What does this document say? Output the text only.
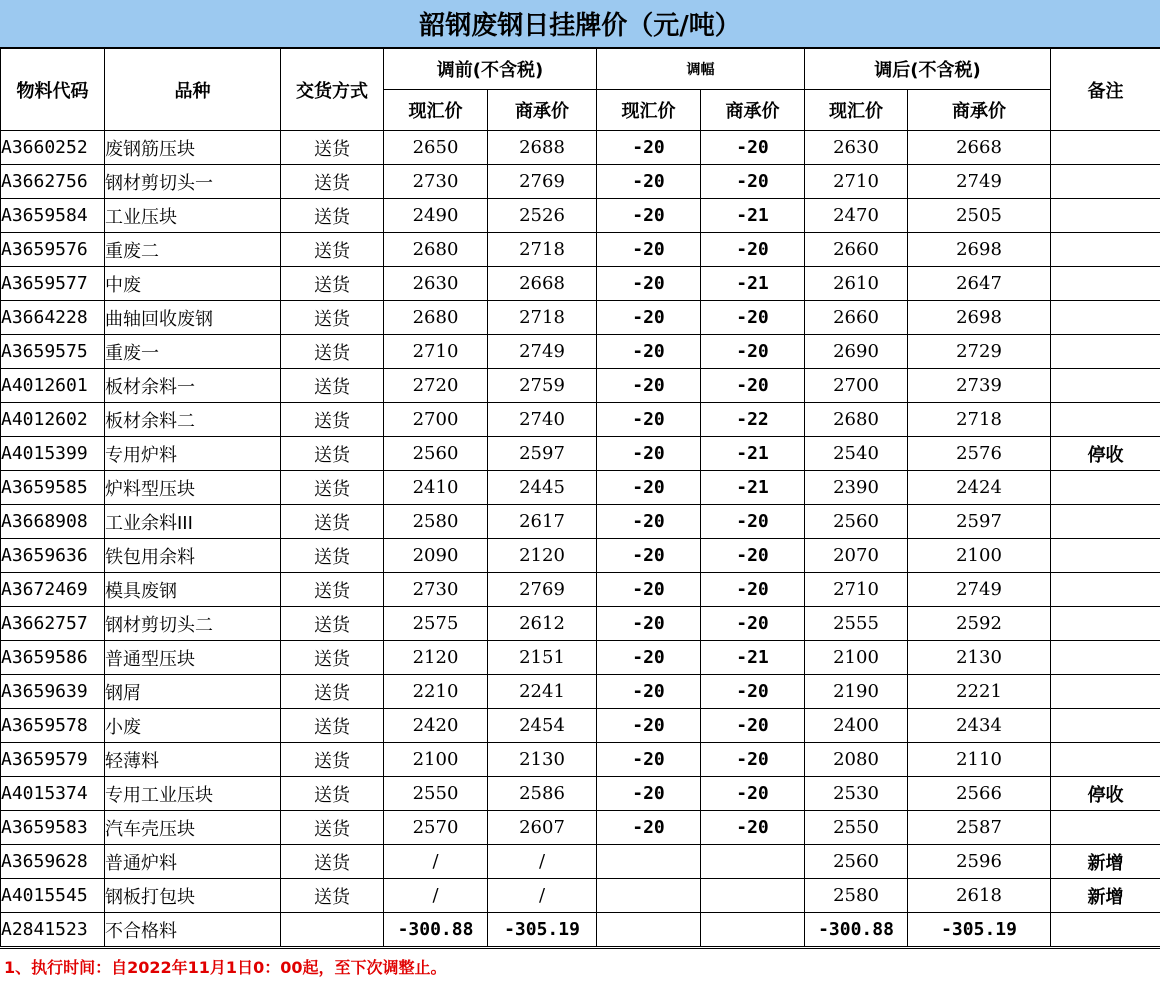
韶钢废钢日挂牌价（元/吨）
物料代码	品种	交货方式	调前(不含税)		调幅		调后(不含税)		备注
			现汇价	商承价	现汇价	商承价	现汇价	商承价	
A3660252	废钢筋压块	送货	2650	2688	-20	-20	2630	2668	
A3662756	钢材剪切头一	送货	2730	2769	-20	-20	2710	2749	
A3659584	工业压块	送货	2490	2526	-20	-21	2470	2505	
A3659576	重废二	送货	2680	2718	-20	-20	2660	2698	
A3659577	中废	送货	2630	2668	-20	-21	2610	2647	
A3664228	曲轴回收废钢	送货	2680	2718	-20	-20	2660	2698	
A3659575	重废一	送货	2710	2749	-20	-20	2690	2729	
A4012601	板材余料一	送货	2720	2759	-20	-20	2700	2739	
A4012602	板材余料二	送货	2700	2740	-20	-22	2680	2718	
A4015399	专用炉料	送货	2560	2597	-20	-21	2540	2576	停收
A3659585	炉料型压块	送货	2410	2445	-20	-21	2390	2424	
A3668908	工业余料III	送货	2580	2617	-20	-20	2560	2597	
A3659636	铁包用余料	送货	2090	2120	-20	-20	2070	2100	
A3672469	模具废钢	送货	2730	2769	-20	-20	2710	2749	
A3662757	钢材剪切头二	送货	2575	2612	-20	-20	2555	2592	
A3659586	普通型压块	送货	2120	2151	-20	-21	2100	2130	
A3659639	钢屑	送货	2210	2241	-20	-20	2190	2221	
A3659578	小废	送货	2420	2454	-20	-20	2400	2434	
A3659579	轻薄料	送货	2100	2130	-20	-20	2080	2110	
A4015374	专用工业压块	送货	2550	2586	-20	-20	2530	2566	停收
A3659583	汽车壳压块	送货	2570	2607	-20	-20	2550	2587	
A3659628	普通炉料	送货	/	/			2560	2596	新增
A4015545	钢板打包块	送货	/	/			2580	2618	新增
A2841523	不合格料		-300.88	-305.19			-300.88	-305.19	
1、执行时间：自2022年11月1日0：00起，至下次调整止。
